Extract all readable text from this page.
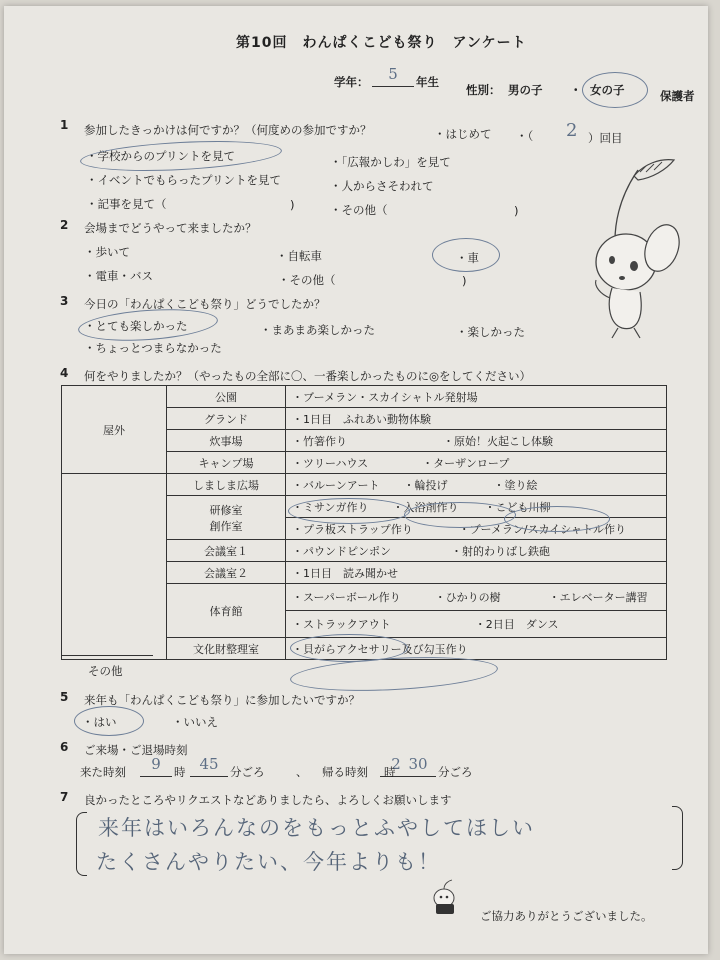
第10回　わんぱくこども祭り　アンケート
学年：	5	年生
性別： 男の子 ・ 女の子	保護者
1 参加したきっかけは何ですか？（何度めの参加ですか？	・はじめて ・（ 2 ）回目
・学校からのプリントを見て	・「広報かしわ」を見て
・イベントでもらったプリントを見て	・人からさそわれて
・記事を見て（	)	・その他（	)
2 会場までどうやって来ましたか？
・歩いて	・自転車	・車
・電車・バス	・その他（	)
3 今日の「わんぱくこども祭り」どうでしたか？
・とても楽しかった	・まあまあ楽しかった	・楽しかった
・ちょっとつまらなかった
4 何をやりましたか？（やったもの全部に〇、一番楽しかったものに◎をしてください）
屋外	公園	・ブーメラン・スカイシャトル発射場
	グランド	・1日目　ふれあい動物体験
	炊事場	・竹箸作り ・原始！火起こし体験
	キャンプ場	・ツリーハウス ・ターザンロープ
	しましま広場	・バルーンアート ・輪投げ ・塗り絵

	研修室
創作室	・ミサンガ作り ・入浴剤作り ・こども川柳
		・プラ板ストラップ作り ・ブーメラン/スカイシャトル作り
	会議室１	・パウンドピンポン ・射的わりばし鉄砲
	会議室２	・1日目　読み聞かせ
	体育館	・スーパーボール作り ・ひかりの樹 ・エレベーター講習
		・ストラックアウト ・2日目　ダンス
	文化財整理室	・貝がらアクセサリー及び勾玉作り
その他
5 来年も「わんぱくこども祭り」に参加したいですか？
・はい	・いいえ
6 ご来場・ご退場時刻
来た時刻	9	時 45 分ごろ	、 帰る時刻	2
時 30 分ごろ
7 良かったところやリクエストなどありましたら、よろしくお願いします
来年はいろんなのをもっとふやしてほしい
たくさんやりたい、今年よりも！
ご協力ありがとうございました。
